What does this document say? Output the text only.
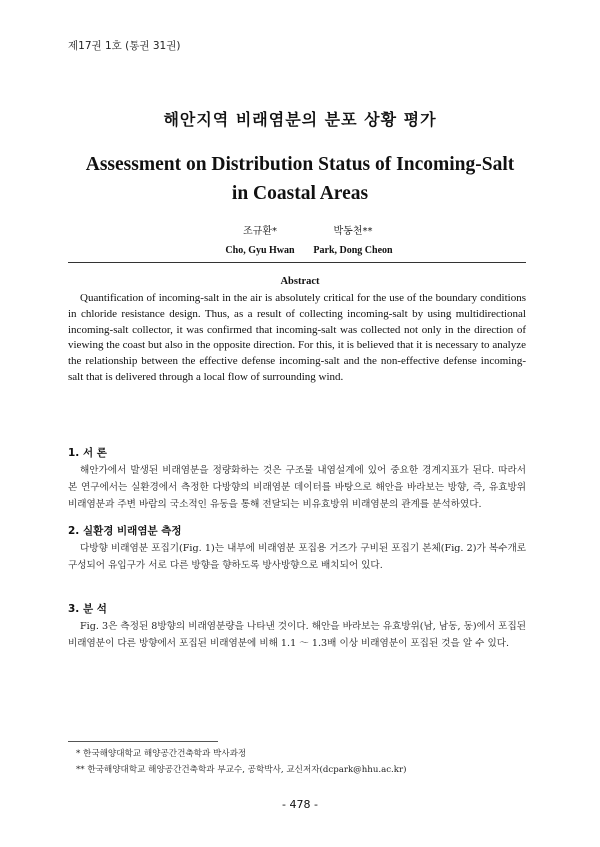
제17권 1호 (통권 31권)
해안지역 비래염분의 분포 상황 평가
Assessment on Distribution Status of Incoming-Salt
in Coastal Areas
조규환*
Cho, Gyu Hwan
박동천**
Park, Dong Cheon
Abstract

Quantification of incoming-salt in the air is absolutely critical for the use of the boundary conditions in chloride resistance design. Thus, as a result of collecting incoming-salt by using multidirectional incoming-salt collector, it was confirmed that incoming-salt was collected not only in the direction of viewing the coast but also in the opposite direction. For this, it is believed that it is necessary to analyze the relationship between the effective defense incoming-salt and the non-effective defense incoming-salt that is delivered through a local flow of surrounding wind.

1. 서 론

해안가에서 발생된 비래염분을 정량화하는 것은 구조물 내염설계에 있어 중요한 경계지표가 된다. 따라서 본 연구에서는 실환경에서 측정한 다방향의 비래염분 데이터를 바탕으로 해안을 바라보는 방향, 즉, 유효방위 비래염분과 주변 바람의 국소적인 유동을 통해 전달되는 비유효방위 비래염분의 관계를 분석하였다.

2. 실환경 비래염분 측정

다방향 비래염분 포집기(Fig. 1)는 내부에 비래염분 포집용 거즈가 구비된 포집기 본체(Fig. 2)가 복수개로 구성되어 유입구가 서로 다른 방향을 향하도록 방사방향으로 배치되어 있다.

3. 분 석

Fig. 3은 측정된 8방향의 비래염분량을 나타낸 것이다. 해안을 바라보는 유효방위(남, 남동, 동)에서 포집된 비래염분이 다른 방향에서 포집된 비래염분에 비해 1.1 ～ 1.3배 이상 비래염분이 포집된 것을 알 수 있다.

* 한국해양대학교 해양공간건축학과 박사과정
** 한국해양대학교 해양공간건축학과 부교수, 공학박사, 교신저자(dcpark@hhu.ac.kr)
- 478 -
